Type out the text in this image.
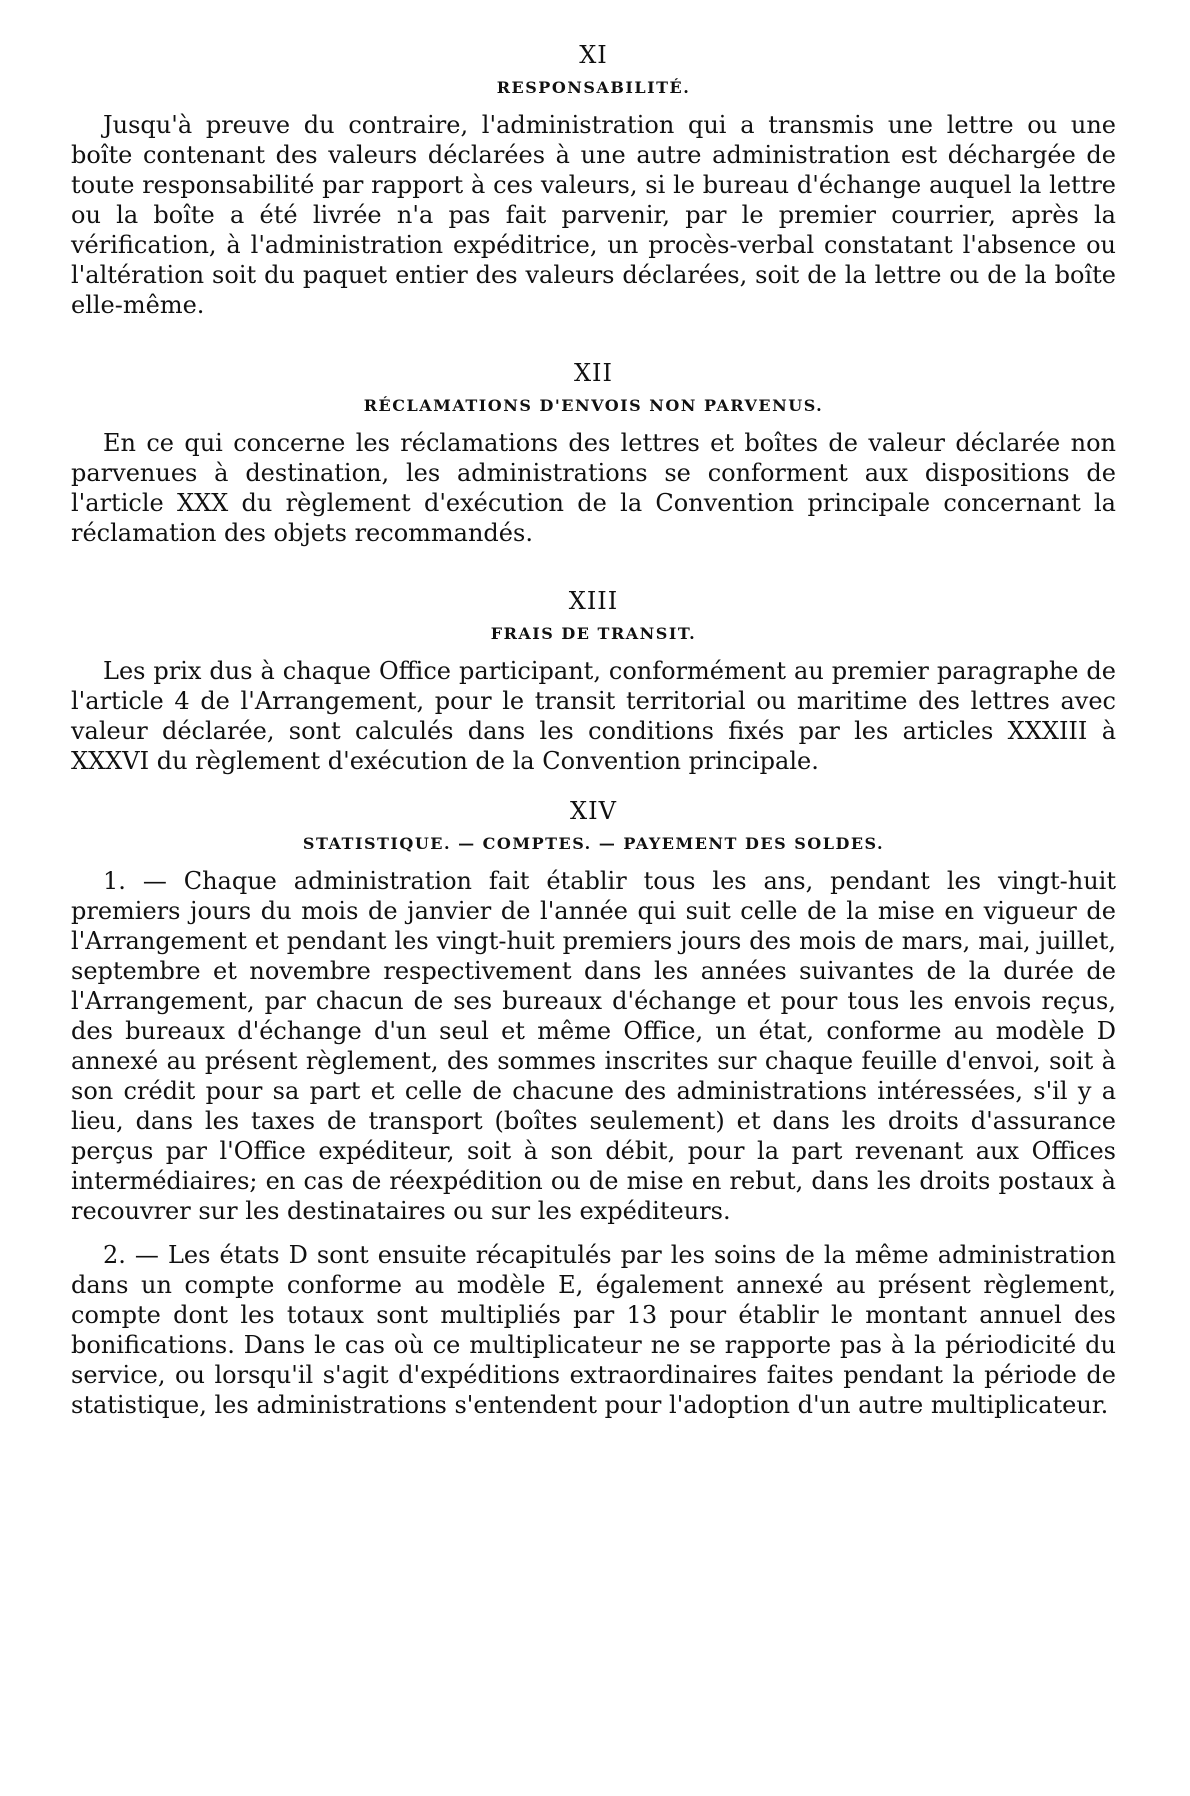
XI
RESPONSABILITÉ.

Jusqu'à preuve du contraire, l'administration qui a transmis une lettre ou une boîte contenant des valeurs déclarées à une autre administration est déchargée de toute responsabilité par rapport à ces valeurs, si le bureau d'échange auquel la lettre ou la boîte a été livrée n'a pas fait parvenir, par le premier courrier, après la vérification, à l'administration expéditrice, un procès-verbal constatant l'absence ou l'altération soit du paquet entier des valeurs déclarées, soit de la lettre ou de la boîte elle-même.

XII
RÉCLAMATIONS D'ENVOIS NON PARVENUS.

En ce qui concerne les réclamations des lettres et boîtes de valeur déclarée non parvenues à destination, les administrations se conforment aux dispositions de l'article XXX du règlement d'exécution de la Convention principale concernant la réclamation des objets recommandés.

XIII
FRAIS DE TRANSIT.

Les prix dus à chaque Office participant, conformément au premier paragraphe de l'article 4 de l'Arrangement, pour le transit territorial ou maritime des lettres avec valeur déclarée, sont calculés dans les conditions fixés par les articles XXXIII à XXXVI du règlement d'exécution de la Convention principale.

XIV
STATISTIQUE. — COMPTES. — PAYEMENT DES SOLDES.

1. — Chaque administration fait établir tous les ans, pendant les vingt-huit premiers jours du mois de janvier de l'année qui suit celle de la mise en vigueur de l'Arrangement et pendant les vingt-huit premiers jours des mois de mars, mai, juillet, septembre et novembre respectivement dans les années suivantes de la durée de l'Arrangement, par chacun de ses bureaux d'échange et pour tous les envois reçus, des bureaux d'échange d'un seul et même Office, un état, conforme au modèle D annexé au présent règlement, des sommes inscrites sur chaque feuille d'envoi, soit à son crédit pour sa part et celle de chacune des administrations intéressées, s'il y a lieu, dans les taxes de transport (boîtes seulement) et dans les droits d'assurance perçus par l'Office expéditeur, soit à son débit, pour la part revenant aux Offices intermédiaires; en cas de réexpédition ou de mise en rebut, dans les droits postaux à recouvrer sur les destinataires ou sur les expéditeurs.

2. — Les états D sont ensuite récapitulés par les soins de la même administration dans un compte conforme au modèle E, également annexé au présent règlement, compte dont les totaux sont multipliés par 13 pour établir le montant annuel des bonifications. Dans le cas où ce multiplicateur ne se rapporte pas à la périodicité du service, ou lorsqu'il s'agit d'expéditions extraordinaires faites pendant la période de statistique, les administrations s'entendent pour l'adoption d'un autre multiplicateur.
